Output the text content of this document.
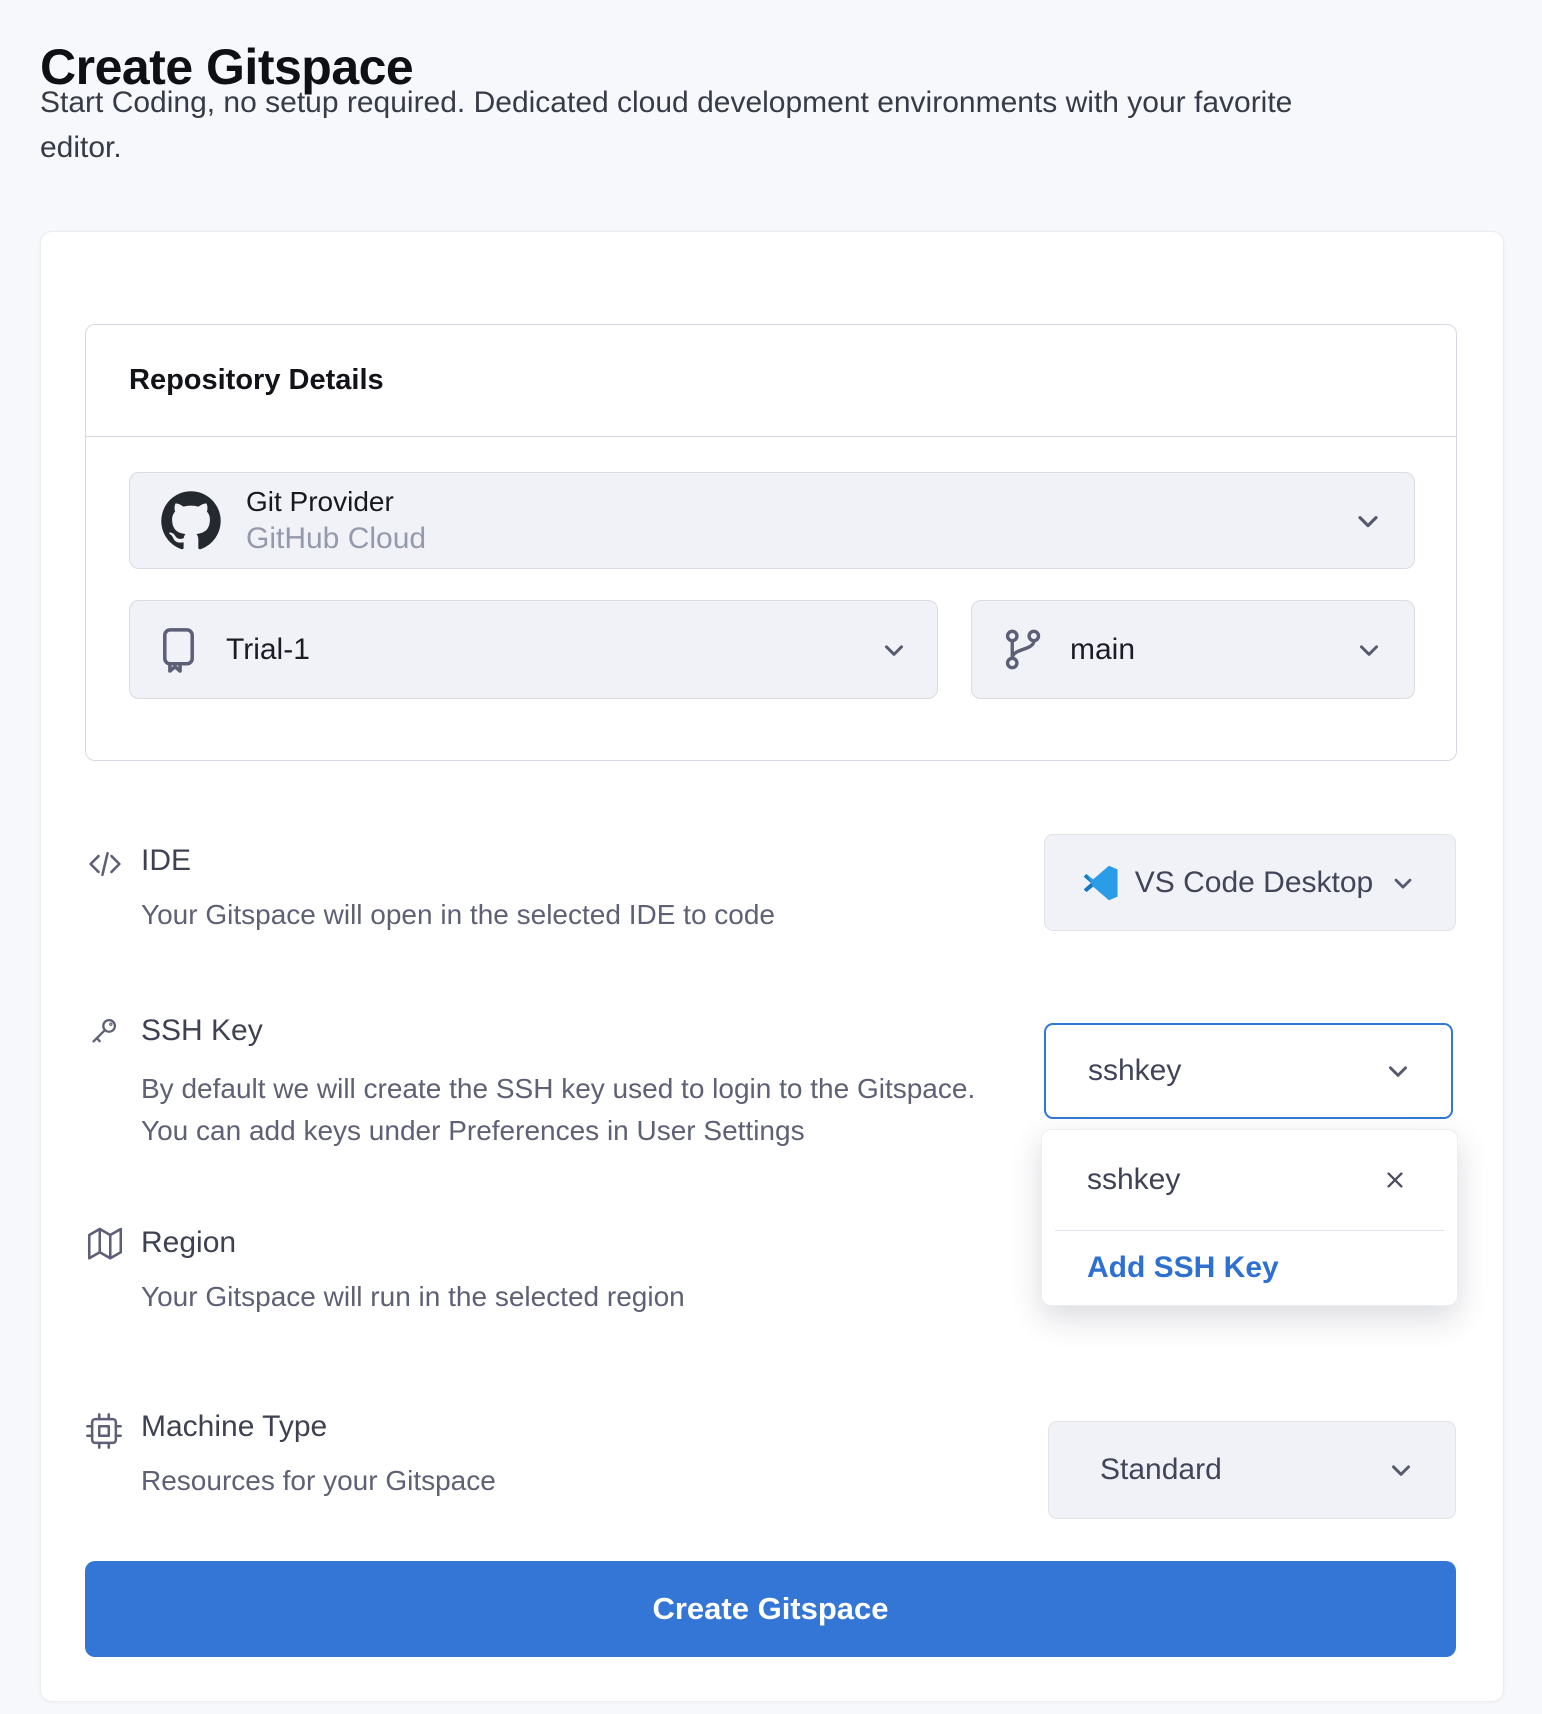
Create Gitspace
Start Coding, no setup required. Dedicated cloud development environments with your favorite
editor.
Repository Details
Git Provider
GitHub Cloud
Trial-1	main
IDE
Your Gitspace will open in the selected IDE to code
VS Code Desktop
SSH Key
By default we will create the SSH key used to login to the Gitspace.
You can add keys under Preferences in User Settings
sshkey
sshkey
Add SSH Key
Region
Your Gitspace will run in the selected region
Machine Type
Resources for your Gitspace	Standard
Create Gitspace
